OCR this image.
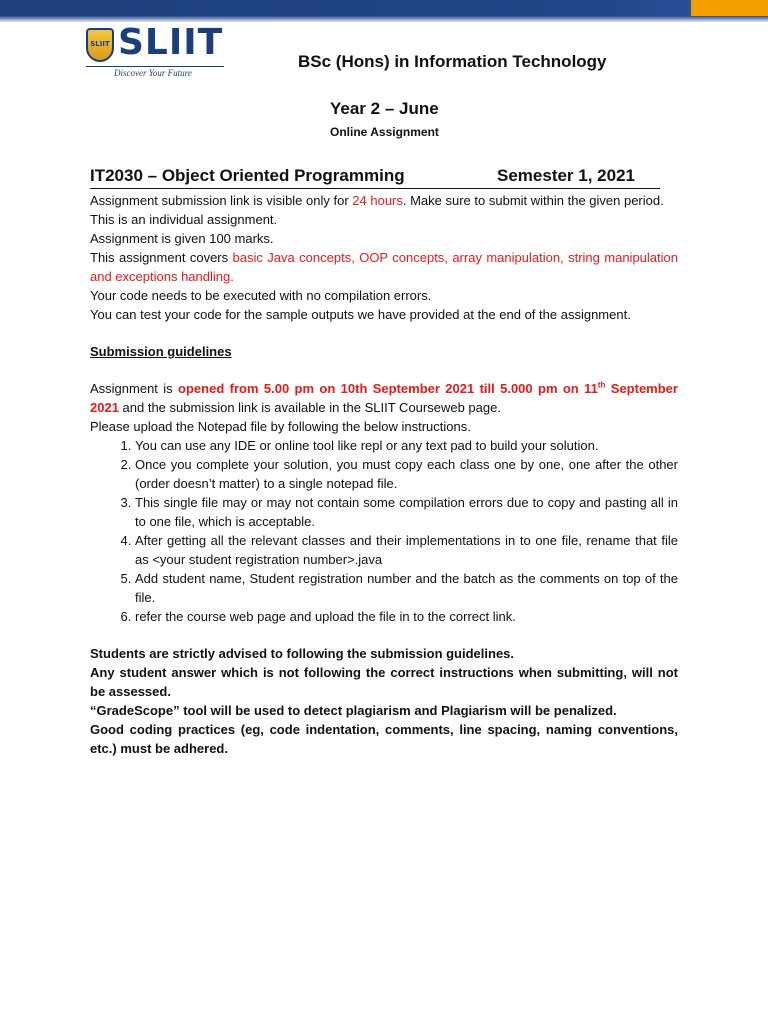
SLIIT SLIIT
Discover Your Future
BSc (Hons) in Information Technology
Year 2 – June
Online Assignment
IT2030 – Object Oriented Programming	Semester 1, 2021

Assignment submission link is visible only for 24 hours. Make sure to submit within the given period.

This is an individual assignment.

Assignment is given 100 marks.

This assignment covers basic Java concepts, OOP concepts, array manipulation, string manipulation and exceptions handling.

Your code needs to be executed with no compilation errors.

You can test your code for the sample outputs we have provided at the end of the assignment.

Submission guidelines

Assignment is opened from 5.00 pm on 10th September 2021 till 5.000 pm on 11th September 2021 and the submission link is available in the SLIIT Courseweb page.

Please upload the Notepad file by following the below instructions.

1. You can use any IDE or online tool like repl or any text pad to build your solution.
2. Once you complete your solution, you must copy each class one by one, one after the other (order doesn’t matter) to a single notepad file.
3. This single file may or may not contain some compilation errors due to copy and pasting all in to one file, which is acceptable.
4. After getting all the relevant classes and their implementations in to one file, rename that file as <your student registration number>.java
5. Add student name, Student registration number and the batch as the comments on top of the file.
6. refer the course web page and upload the file in to the correct link.

Students are strictly advised to following the submission guidelines.

Any student answer which is not following the correct instructions when submitting, will not be assessed.

“GradeScope” tool will be used to detect plagiarism and Plagiarism will be penalized.

Good coding practices (eg, code indentation, comments, line spacing, naming conventions, etc.) must be adhered.
